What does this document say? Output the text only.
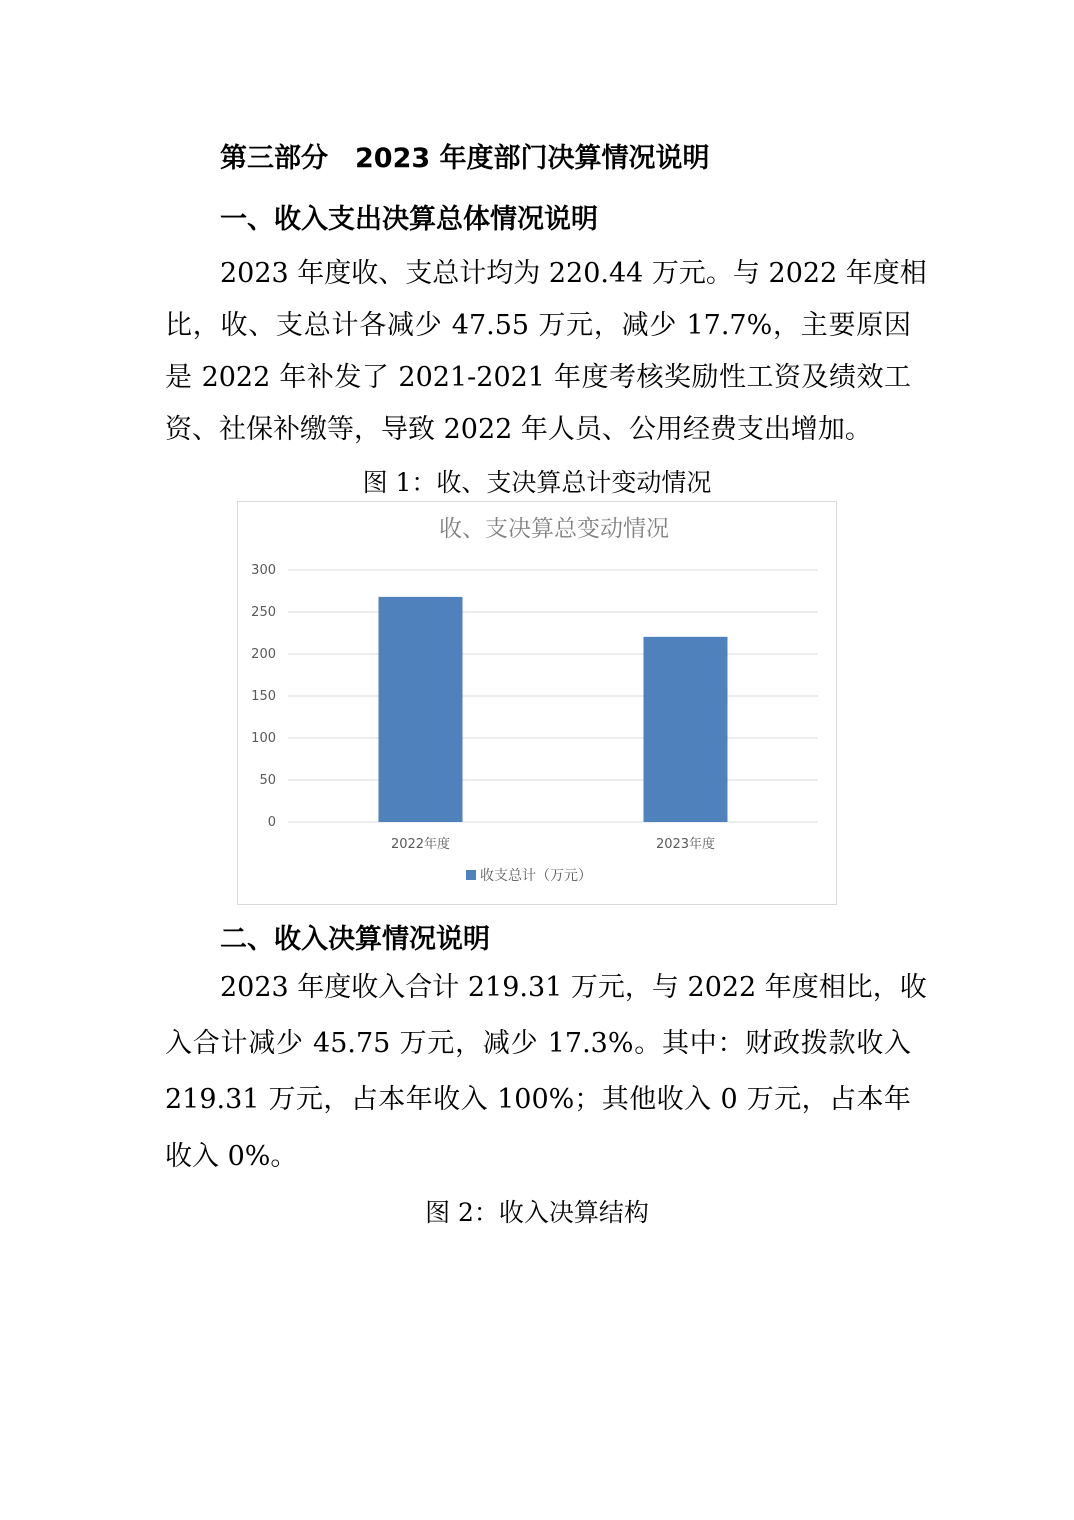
第三部分　2023 年度部门决算情况说明
一、收入支出决算总体情况说明
2023 年度收、支总计均为 220.44 万元。与 2022 年度相
比，收、支总计各减少 47.55 万元，减少 17.7%，主要原因
是 2022 年补发了 2021-2021 年度考核奖励性工资及绩效工
资、社保补缴等，导致 2022 年人员、公用经费支出增加。
图 1：收、支决算总计变动情况
收、支决算总变动情况
0
50
100
150
200
250
300
2022年度	2023年度
收支总计（万元）
二、收入决算情况说明
2023 年度收入合计 219.31 万元，与 2022 年度相比，收
入合计减少 45.75 万元，减少 17.3%。其中：财政拨款收入
219.31 万元，占本年收入 100%；其他收入 0 万元，占本年
收入 0%。
图 2：收入决算结构
